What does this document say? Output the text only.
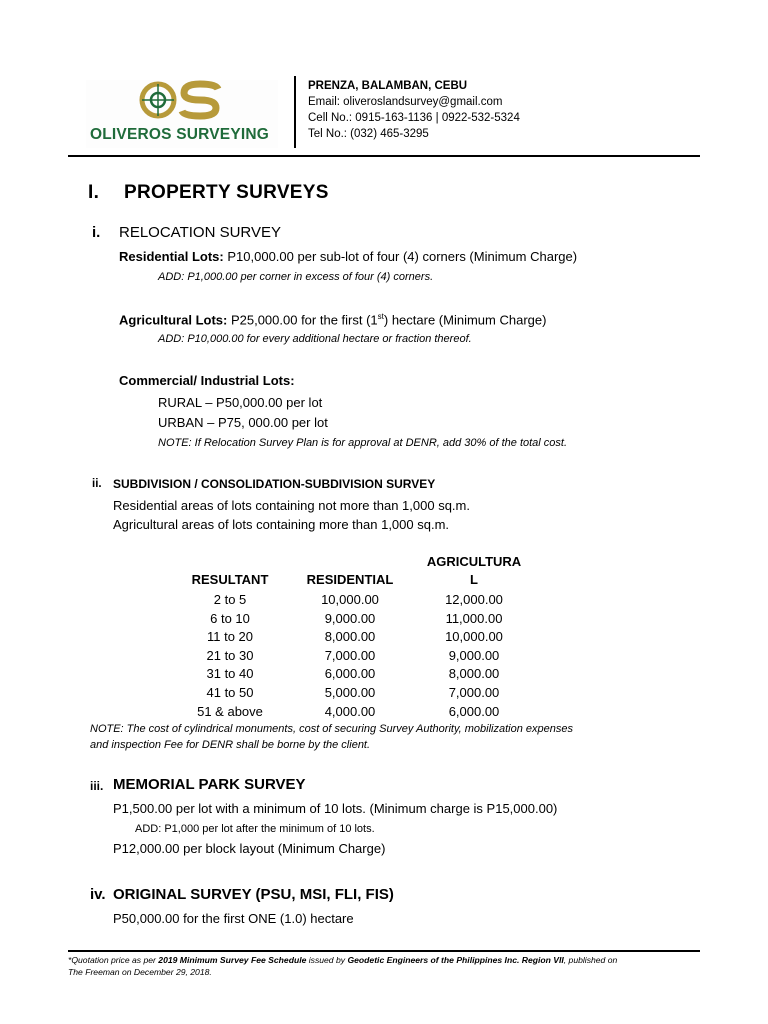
OLIVEROS SURVEYING
PRENZA, BALAMBAN, CEBU
Email: oliveroslandsurvey@gmail.com
Cell No.: 0915-163-1136 | 0922-532-5324
Tel No.: (032) 465-3295
I. PROPERTY SURVEYS
i. RELOCATION SURVEY
Residential Lots: P10,000.00 per sub-lot of four (4) corners (Minimum Charge)
ADD: P1,000.00 per corner in excess of four (4) corners.
Agricultural Lots: P25,000.00 for the first (1st) hectare (Minimum Charge)
ADD: P10,000.00 for every additional hectare or fraction thereof.
Commercial/ Industrial Lots:
RURAL – P50,000.00 per lot
URBAN – P75, 000.00 per lot
NOTE: If Relocation Survey Plan is for approval at DENR, add 30% of the total cost.
ii. SUBDIVISION / CONSOLIDATION-SUBDIVISION SURVEY
Residential areas of lots containing not more than 1,000 sq.m.
Agricultural areas of lots containing more than 1,000 sq.m.
RESULTANT	RESIDENTIAL
AGRICULTURA
L
2 to 5	10,000.00	12,000.00
6 to 10	9,000.00	11,000.00
11 to 20	8,000.00	10,000.00
21 to 30	7,000.00	9,000.00
31 to 40	6,000.00	8,000.00
41 to 50	5,000.00	7,000.00
51 & above	4,000.00	6,000.00
NOTE: The cost of cylindrical monuments, cost of securing Survey Authority, mobilization expenses
and inspection Fee for DENR shall be borne by the client.
iii. MEMORIAL PARK SURVEY
P1,500.00 per lot with a minimum of 10 lots. (Minimum charge is P15,000.00)
ADD: P1,000 per lot after the minimum of 10 lots.
P12,000.00 per block layout (Minimum Charge)
iv. ORIGINAL SURVEY (PSU, MSI, FLI, FIS)
P50,000.00 for the first ONE (1.0) hectare
*Quotation price as per 2019 Minimum Survey Fee Schedule issued by Geodetic Engineers of the Philippines Inc. Region VII, published on
The Freeman on December 29, 2018.
